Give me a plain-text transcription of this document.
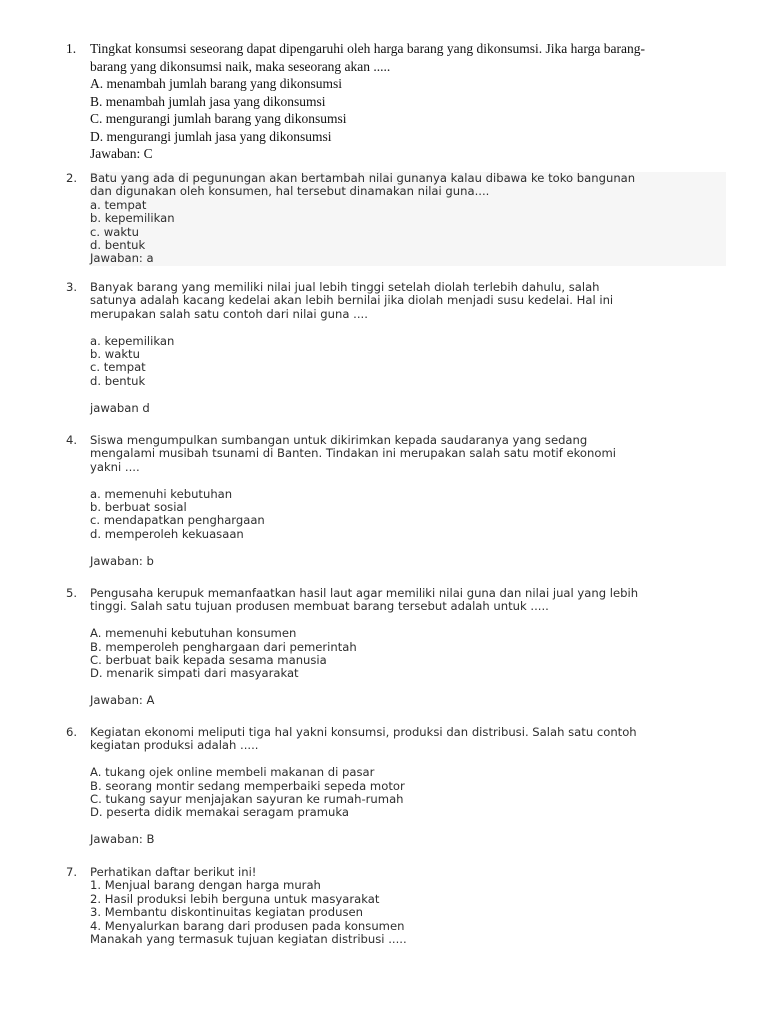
1. Tingkat konsumsi seseorang dapat dipengaruhi oleh harga barang yang dikonsumsi. Jika harga barang-
barang yang dikonsumsi naik, maka seseorang akan .....
A. menambah jumlah barang yang dikonsumsi
B. menambah jumlah jasa yang dikonsumsi
C. mengurangi jumlah barang yang dikonsumsi
D. mengurangi jumlah jasa yang dikonsumsi
Jawaban: C
2. Batu yang ada di pegunungan akan bertambah nilai gunanya kalau dibawa ke toko bangunan
dan digunakan oleh konsumen, hal tersebut dinamakan nilai guna....
a. tempat
b. kepemilikan
c. waktu
d. bentuk
Jawaban: a
3. Banyak barang yang memiliki nilai jual lebih tinggi setelah diolah terlebih dahulu, salah
satunya adalah kacang kedelai akan lebih bernilai jika diolah menjadi susu kedelai. Hal ini
merupakan salah satu contoh dari nilai guna ....
a. kepemilikan
b. waktu
c. tempat
d. bentuk
jawaban d
4. Siswa mengumpulkan sumbangan untuk dikirimkan kepada saudaranya yang sedang
mengalami musibah tsunami di Banten. Tindakan ini merupakan salah satu motif ekonomi
yakni ....
a. memenuhi kebutuhan
b. berbuat sosial
c. mendapatkan penghargaan
d. memperoleh kekuasaan
Jawaban: b
5. Pengusaha kerupuk memanfaatkan hasil laut agar memiliki nilai guna dan nilai jual yang lebih
tinggi. Salah satu tujuan produsen membuat barang tersebut adalah untuk .....
A. memenuhi kebutuhan konsumen
B. memperoleh penghargaan dari pemerintah
C. berbuat baik kepada sesama manusia
D. menarik simpati dari masyarakat
Jawaban: A
6. Kegiatan ekonomi meliputi tiga hal yakni konsumsi, produksi dan distribusi. Salah satu contoh
kegiatan produksi adalah .....
A. tukang ojek online membeli makanan di pasar
B. seorang montir sedang memperbaiki sepeda motor
C. tukang sayur menjajakan sayuran ke rumah-rumah
D. peserta didik memakai seragam pramuka
Jawaban: B
7. Perhatikan daftar berikut ini!
1. Menjual barang dengan harga murah
2. Hasil produksi lebih berguna untuk masyarakat
3. Membantu diskontinuitas kegiatan produsen
4. Menyalurkan barang dari produsen pada konsumen
Manakah yang termasuk tujuan kegiatan distribusi .....
